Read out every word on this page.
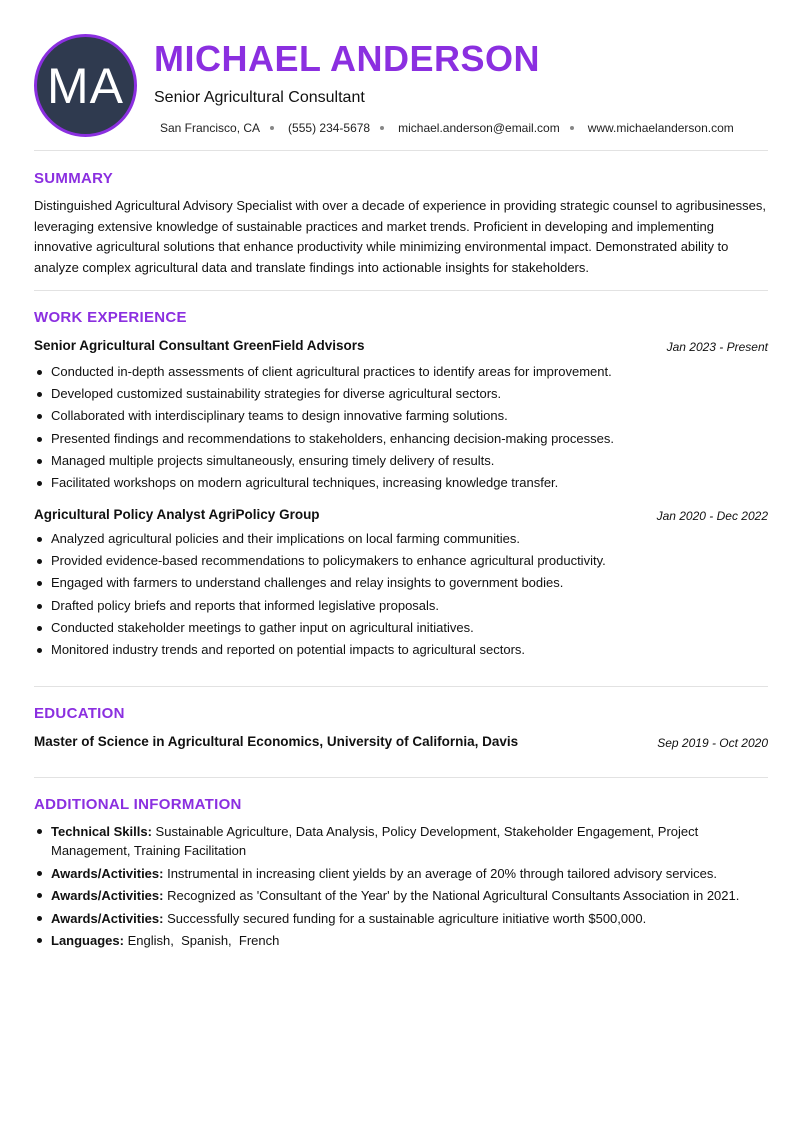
MA MICHAEL ANDERSON
Senior Agricultural Consultant
San Francisco, CA (555) 234-5678 michael.anderson@email.com www.michaelanderson.com
SUMMARY

Distinguished Agricultural Advisory Specialist with over a decade of experience in providing strategic counsel to agribusinesses, leveraging extensive knowledge of sustainable practices and market trends. Proficient in developing and implementing innovative agricultural solutions that enhance productivity while minimizing environmental impact. Demonstrated ability to analyze complex agricultural data and translate findings into actionable insights for stakeholders.

WORK EXPERIENCE
Senior Agricultural Consultant GreenField Advisors	Jan 2023 - Present
Conducted in-depth assessments of client agricultural practices to identify areas for improvement.
Developed customized sustainability strategies for diverse agricultural sectors.
Collaborated with interdisciplinary teams to design innovative farming solutions.
Presented findings and recommendations to stakeholders, enhancing decision-making processes.
Managed multiple projects simultaneously, ensuring timely delivery of results.
Facilitated workshops on modern agricultural techniques, increasing knowledge transfer.
Agricultural Policy Analyst AgriPolicy Group	Jan 2020 - Dec 2022
Analyzed agricultural policies and their implications on local farming communities.
Provided evidence-based recommendations to policymakers to enhance agricultural productivity.
Engaged with farmers to understand challenges and relay insights to government bodies.
Drafted policy briefs and reports that informed legislative proposals.
Conducted stakeholder meetings to gather input on agricultural initiatives.
Monitored industry trends and reported on potential impacts to agricultural sectors.
EDUCATION
Master of Science in Agricultural Economics, University of California, Davis	Sep 2019 - Oct 2020
ADDITIONAL INFORMATION
Technical Skills: Sustainable Agriculture, Data Analysis, Policy Development, Stakeholder Engagement, Project Management, Training Facilitation
Awards/Activities: Instrumental in increasing client yields by an average of 20% through tailored advisory services.
Awards/Activities: Recognized as 'Consultant of the Year' by the National Agricultural Consultants Association in 2021.
Awards/Activities: Successfully secured funding for a sustainable agriculture initiative worth $500,000.
Languages: English,  Spanish,  French
